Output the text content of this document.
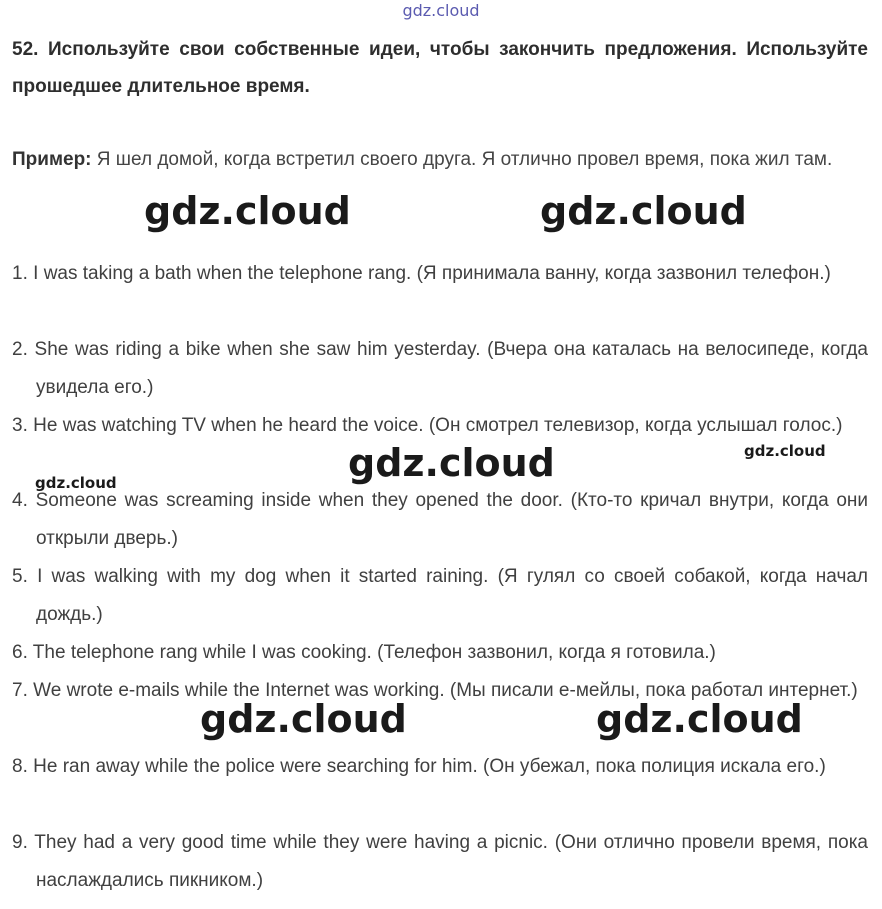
gdz.cloud
52. Используйте свои собственные идеи, чтобы закончить предложения. Используйте прошедшее длительное время.
Пример: Я шел домой, когда встретил своего друга. Я отлично провел время, пока жил там.
1. I was taking a bath when the telephone rang. (Я принимала ванну, когда зазвонил телефон.)
2. She was riding a bike when she saw him yesterday. (Вчера она каталась на велосипеде, когда увидела его.)
3. He was watching TV when he heard the voice. (Он смотрел телевизор, когда услышал голос.)
4. Someone was screaming inside when they opened the door. (Кто-то кричал внутри, когда они открыли дверь.)
5. I was walking with my dog when it started raining. (Я гулял со своей собакой, когда начал дождь.)
6. The telephone rang while I was cooking. (Телефон зазвонил, когда я готовила.)
7. We wrote e-mails while the Internet was working. (Мы писали е-мейлы, пока работал интернет.)
8. He ran away while the police were searching for him. (Он убежал, пока полиция искала его.)
9. They had a very good time while they were having a picnic. (Они отлично провели время, пока наслаждались пикником.)
gdz.cloud	gdz.cloud
gdz.cloud	gdz.cloud
gdz.cloud
gdz.cloud	gdz.cloud
